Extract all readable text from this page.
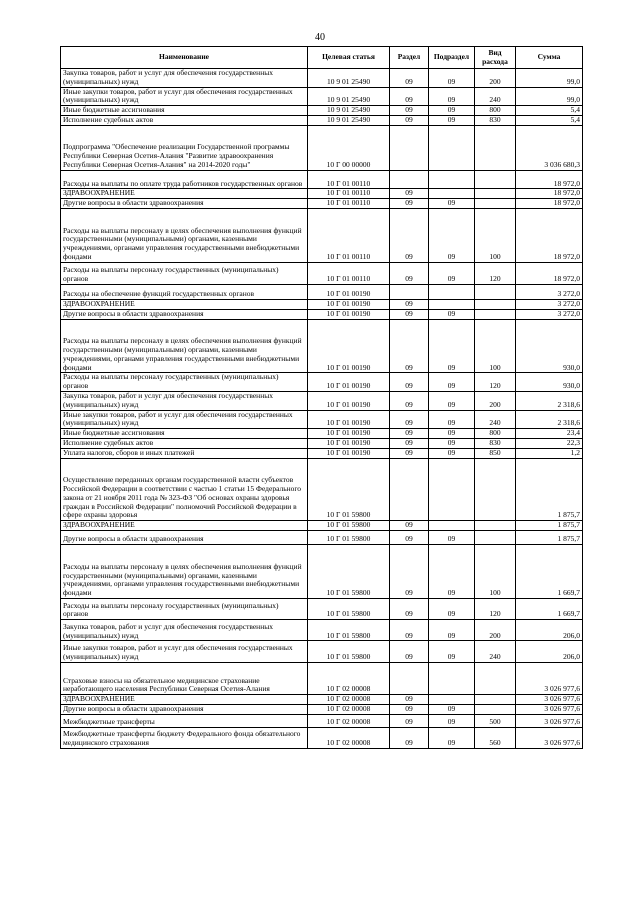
40
Наименование	Целевая статья	Раздел	Подраздел	Вид расхода	Сумма
Закупка товаров, работ и услуг для обеспечения государственных (муниципальных) нужд	10 9 01 25490	09	09	200	99,0
Иные закупки товаров, работ и услуг для обеспечения государственных (муниципальных) нужд	10 9 01 25490	09	09	240	99,0
Иные бюджетные ассигнования	10 9 01 25490	09	09	800	5,4
Исполнение судебных актов	10 9 01 25490	09	09	830	5,4
Подпрограмма "Обеспечение реализации Государственной программы Республики Северная Осетия-Алания "Развитие здравоохранения Республики Северная Осетия-Алания" на 2014-2020 годы"	10 Г 00 00000				3 036 680,3
Расходы на выплаты по оплате труда работников государственных органов	10 Г 01 00110				18 972,0
ЗДРАВООХРАНЕНИЕ	10 Г 01 00110	09			18 972,0
Другие вопросы в области здравоохранения	10 Г 01 00110	09	09		18 972,0
Расходы на выплаты персоналу в целях обеспечения выполнения функций государственными (муниципальными) органами, казенными учреждениями, органами управления государственными внебюджетными фондами	10 Г 01 00110	09	09	100	18 972,0
Расходы на выплаты персоналу государственных (муниципальных) органов	10 Г 01 00110	09	09	120	18 972,0
Расходы на обеспечение функций государственных органов	10 Г 01 00190				3 272,0
ЗДРАВООХРАНЕНИЕ	10 Г 01 00190	09			3 272,0
Другие вопросы в области здравоохранения	10 Г 01 00190	09	09		3 272,0
Расходы на выплаты персоналу в целях обеспечения выполнения функций государственными (муниципальными) органами, казенными учреждениями, органами управления государственными внебюджетными фондами	10 Г 01 00190	09	09	100	930,0
Расходы на выплаты персоналу государственных (муниципальных) органов	10 Г 01 00190	09	09	120	930,0
Закупка товаров, работ и услуг для обеспечения государственных (муниципальных) нужд	10 Г 01 00190	09	09	200	2 318,6
Иные закупки товаров, работ и услуг для обеспечения государственных (муниципальных) нужд	10 Г 01 00190	09	09	240	2 318,6
Иные бюджетные ассигнования	10 Г 01 00190	09	09	800	23,4
Исполнение судебных актов	10 Г 01 00190	09	09	830	22,3
Уплата налогов, сборов и иных платежей	10 Г 01 00190	09	09	850	1,2
Осуществление переданных органам государственной власти субъектов Российской Федерации в соответствии с частью 1 статьи 15 Федерального закона от 21 ноября 2011 года № 323-ФЗ "Об основах охраны здоровья граждан в Российской Федерации" полномочий Российской Федерации в сфере охраны здоровья	10 Г 01 59800				1 875,7
ЗДРАВООХРАНЕНИЕ	10 Г 01 59800	09			1 875,7
Другие вопросы в области здравоохранения	10 Г 01 59800	09	09		1 875,7
Расходы на выплаты персоналу в целях обеспечения выполнения функций государственными (муниципальными) органами, казенными учреждениями, органами управления государственными внебюджетными фондами	10 Г 01 59800	09	09	100	1 669,7
Расходы на выплаты персоналу государственных (муниципальных) органов	10 Г 01 59800	09	09	120	1 669,7
Закупка товаров, работ и услуг для обеспечения государственных (муниципальных) нужд	10 Г 01 59800	09	09	200	206,0
Иные закупки товаров, работ и услуг для обеспечения государственных (муниципальных) нужд	10 Г 01 59800	09	09	240	206,0
Страховые взносы на обязательное медицинское страхование неработающего населения Республики Северная Осетия-Алания	10 Г 02 00008				3 026 977,6
ЗДРАВООХРАНЕНИЕ	10 Г 02 00008	09			3 026 977,6
Другие вопросы в области здравоохранения	10 Г 02 00008	09	09		3 026 977,6
Межбюджетные трансферты	10 Г 02 00008	09	09	500	3 026 977,6
Межбюджетные трансферты бюджету Федерального фонда обязательного медицинского страхования	10 Г 02 00008	09	09	560	3 026 977,6
